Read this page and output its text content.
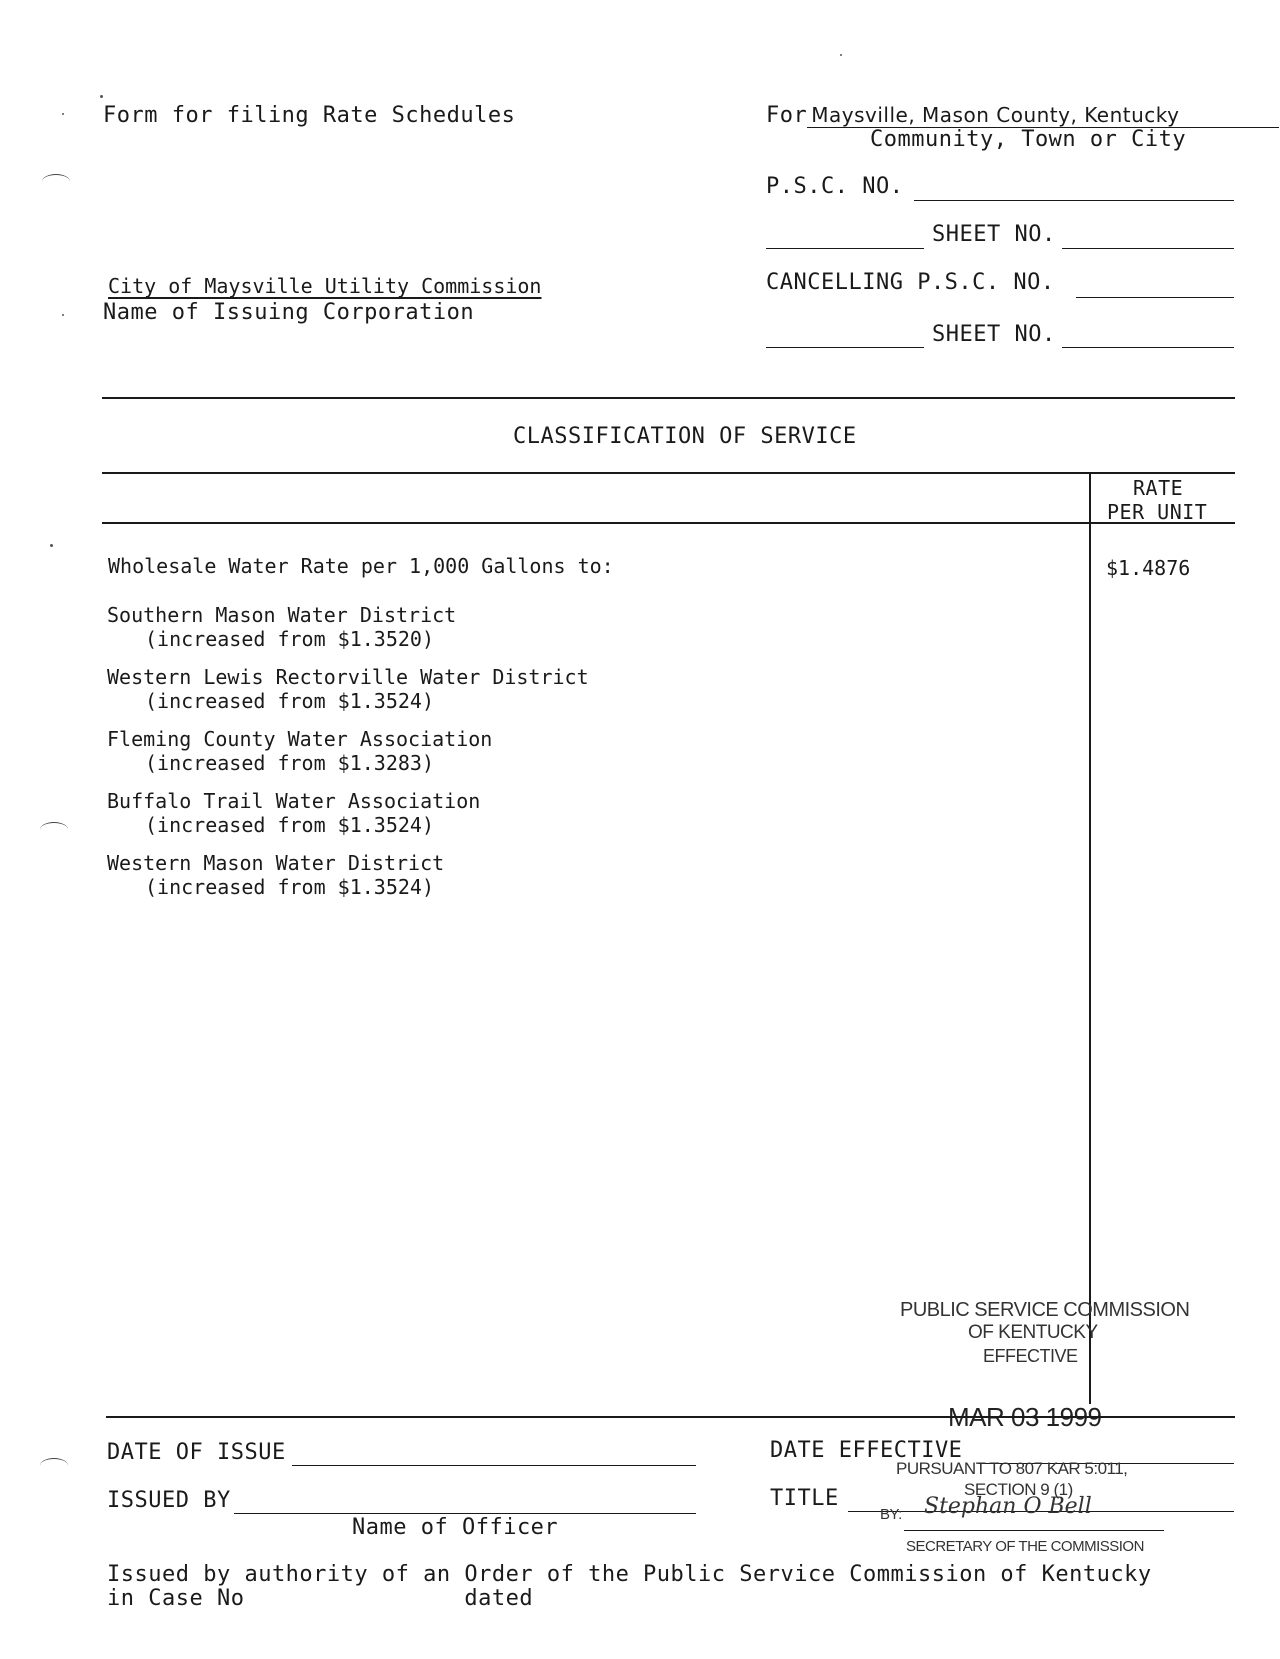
Form for filing Rate Schedules	For Maysville, Mason County, Kentucky
Community, Town or City
P.S.C. NO.
SHEET NO.
City of Maysville Utility Commission
Name of Issuing Corporation
CANCELLING P.S.C. NO.
SHEET NO.
CLASSIFICATION OF SERVICE
RATE
PER UNIT
Wholesale Water Rate per 1,000 Gallons to:	$1.4876
Southern Mason Water District
(increased from $1.3520)
Western Lewis Rectorville Water District
(increased from $1.3524)
Fleming County Water Association
(increased from $1.3283)
Buffalo Trail Water Association
(increased from $1.3524)
Western Mason Water District
(increased from $1.3524)
PUBLIC SERVICE COMMISSION
OF KENTUCKY
EFFECTIVE
MAR 03 1999
DATE OF ISSUE	DATE EFFECTIVE
PURSUANT TO 807 KAR 5:011,
SECTION 9 (1)
ISSUED BY	TITLE
BY: Stephan O Bell
SECRETARY OF THE COMMISSION
Name of Officer
Issued by authority of an Order of the Public Service Commission of Kentucky
in Case No                dated
